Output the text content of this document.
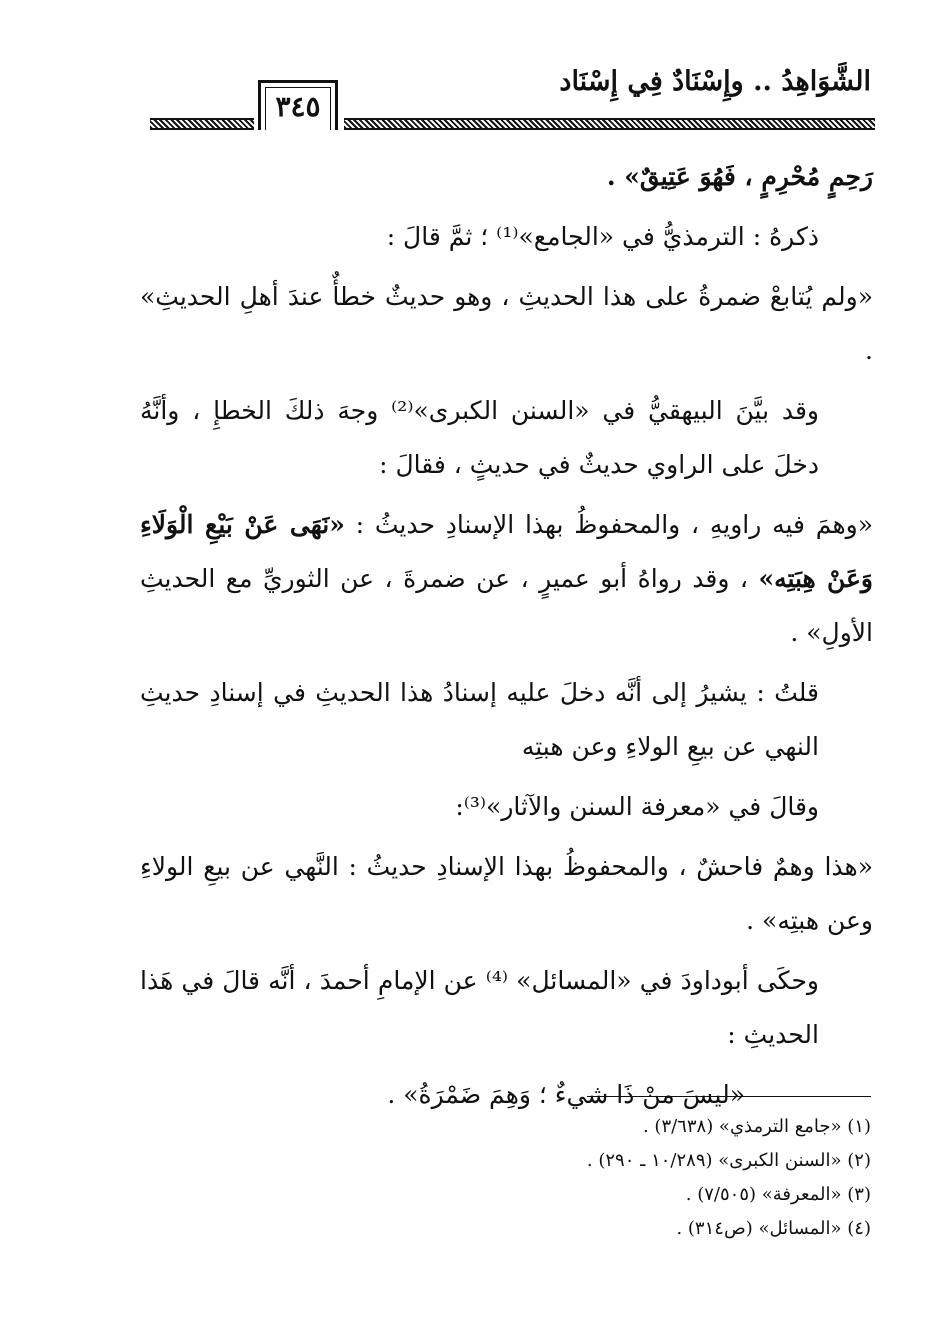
الشَّوَاهِدُ .. وإِسْنَادٌ فِي إِسْنَاد
٣٤٥

رَحِمٍ مُحْرِمٍ ، فَهُوَ عَتِيقٌ» .

ذكرهُ : الترمذيُّ في «الجامع»⁽¹⁾ ؛ ثمَّ قالَ :

«ولم يُتابعْ ضمرةُ على هذا الحديثِ ، وهو حديثٌ خطأٌ عندَ أهلِ الحديثِ» .

وقد بيَّنَ البيهقيُّ في «السنن الكبرى»⁽²⁾ وجهَ ذلكَ الخطإِ ، وأنَّهُ دخلَ على الراوي حديثٌ في حديثٍ ، فقالَ :

«وهمَ فيه راويهِ ، والمحفوظُ بهذا الإسنادِ حديثُ : «نَهَى عَنْ بَيْعِ الْوَلَاءِ وَعَنْ هِبَتِه» ، وقد رواهُ أبو عميرٍ ، عن ضمرةَ ، عن الثوريِّ مع الحديثِ الأولِ» .

قلتُ : يشيرُ إلى أنَّه دخلَ عليه إسنادُ هذا الحديثِ في إسنادِ حديثِ النهي عن بيعِ الولاءِ وعن هبتِه

وقالَ في «معرفة السنن والآثار»⁽³⁾:

«هذا وهمٌ فاحشٌ ، والمحفوظُ بهذا الإسنادِ حديثُ : النَّهي عن بيعِ الولاءِ وعن هبتِه» .

وحكَى أبوداودَ في «المسائل» ⁽⁴⁾ عن الإمامِ أحمدَ ، أنَّه قالَ في هَذا الحديثِ :

«ليسَ منْ ذَا شيءٌ ؛ وَهِمَ ضَمْرَةُ» .

(١) «جامع الترمذي» (٣/٦٣٨) .
(٢) «السنن الكبرى» (١٠/٢٨٩ ـ ٢٩٠) .
(٣) «المعرفة» (٧/٥٠٥) .
(٤) «المسائل» (ص٣١٤) .
